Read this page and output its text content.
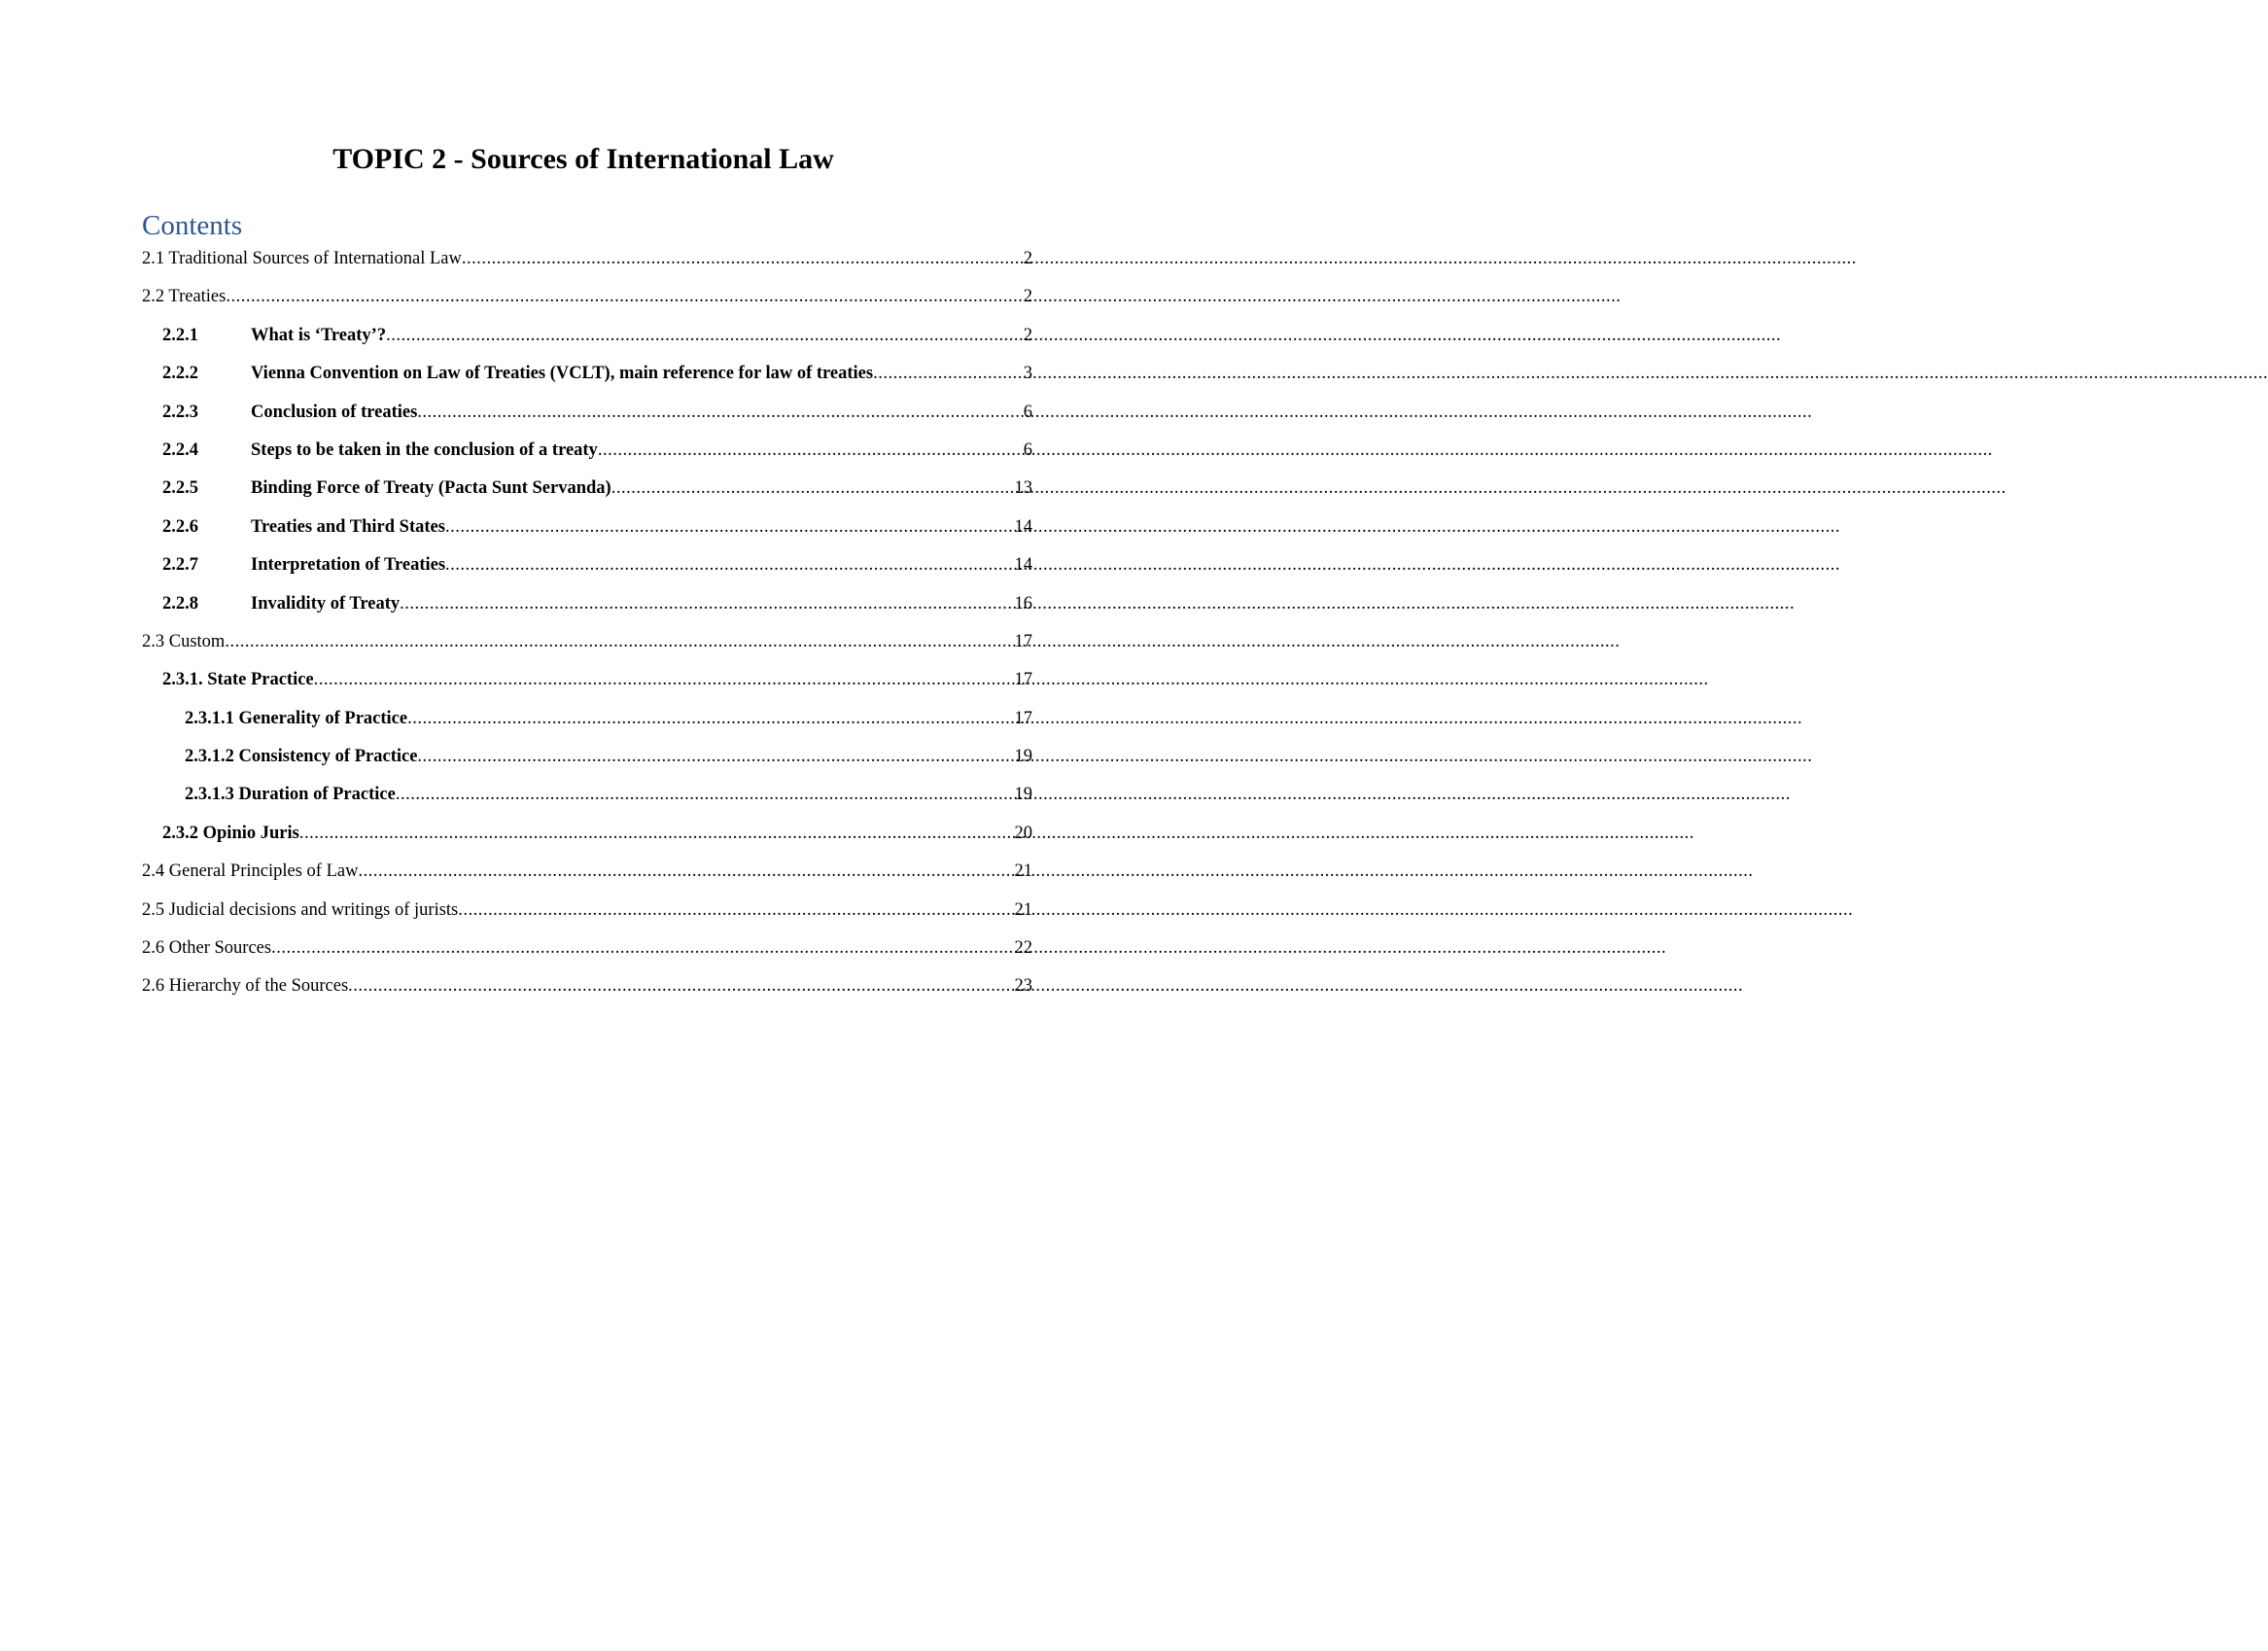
TOPIC 2 - Sources of International Law
Contents
2.1 Traditional Sources of International Law .....	2
2.2 Treaties .....	2
2.2.1	What is ‘Treaty’? .....	2
2.2.2	Vienna Convention on Law of Treaties (VCLT), main reference for law of treaties .....	3
2.2.3	Conclusion of treaties .....	6
2.2.4	Steps to be taken in the conclusion of a treaty .....	6
2.2.5	Binding Force of Treaty (Pacta Sunt Servanda) .....	13
2.2.6	Treaties and Third States .....	14
2.2.7	Interpretation of Treaties .....	14
2.2.8	Invalidity of Treaty .....	16
2.3 Custom .....	17
2.3.1. State Practice .....	17
2.3.1.1 Generality of Practice .....	17
2.3.1.2 Consistency of Practice .....	19
2.3.1.3 Duration of Practice .....	19
2.3.2 Opinio Juris .....	20
2.4 General Principles of Law .....	21
2.5 Judicial decisions and writings of jurists .....	21
2.6 Other Sources .....	22
2.6 Hierarchy of the Sources .....	23
